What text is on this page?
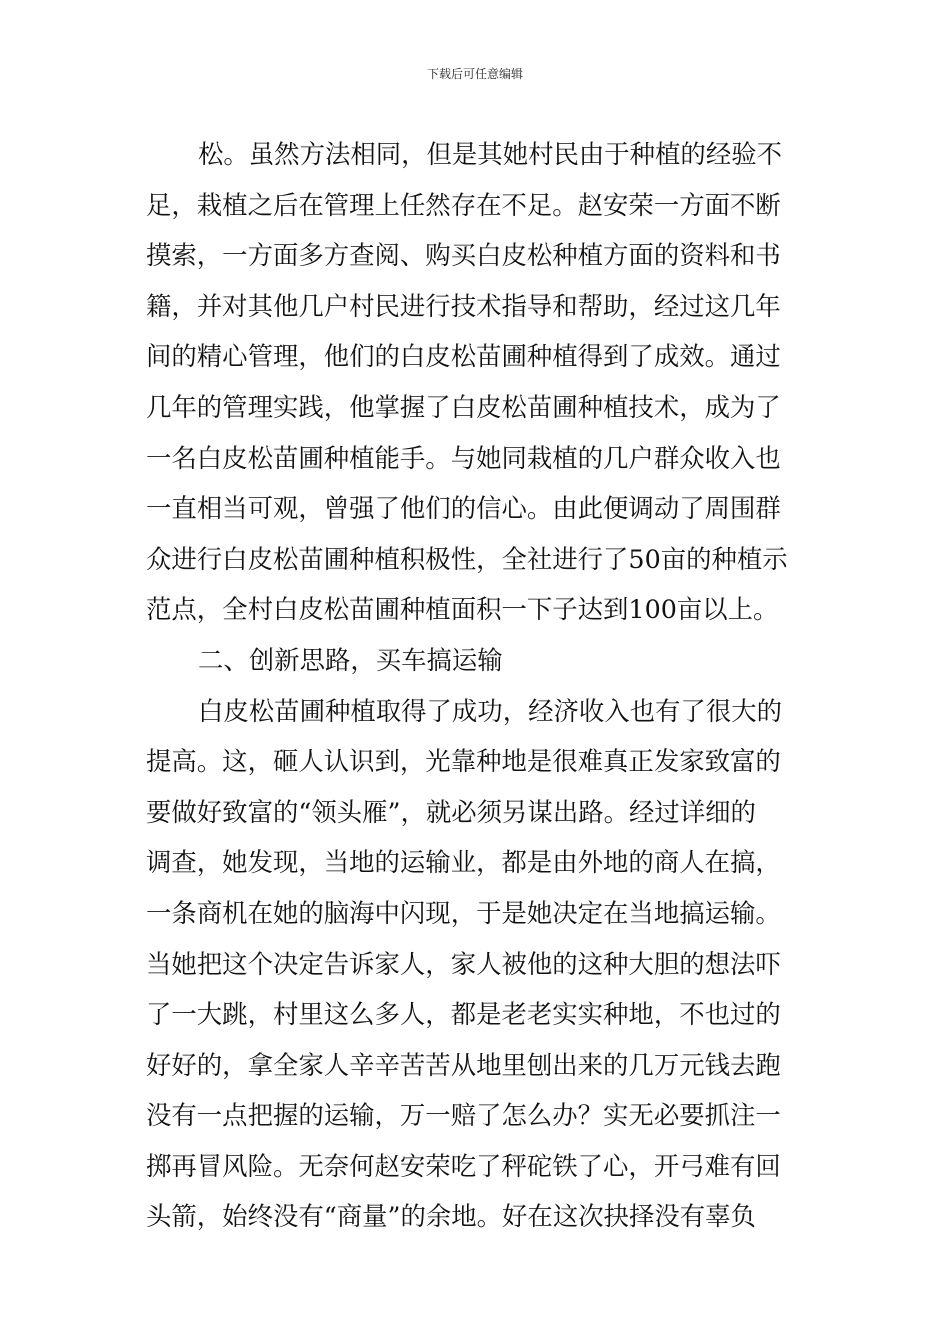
下载后可任意编辑
松。虽然方法相同，但是其她村民由于种植的经验不
足，栽植之后在管理上任然存在不足。赵安荣一方面不断
摸索，一方面多方查阅、购买白皮松种植方面的资料和书
籍，并对其他几户村民进行技术指导和帮助，经过这几年
间的精心管理，他们的白皮松苗圃种植得到了成效。通过
几年的管理实践，他掌握了白皮松苗圃种植技术，成为了
一名白皮松苗圃种植能手。与她同栽植的几户群众收入也
一直相当可观，曾强了他们的信心。由此便调动了周围群
众进行白皮松苗圃种植积极性，全社进行了50亩的种植示
范点，全村白皮松苗圃种植面积一下子达到100亩以上。
二、创新思路，买车搞运输
白皮松苗圃种植取得了成功，经济收入也有了很大的
提高。这，砸人认识到，光靠种地是很难真正发家致富的
要做好致富的“领头雁”，就必须另谋出路。经过详细的
调查，她发现，当地的运输业，都是由外地的商人在搞，
一条商机在她的脑海中闪现，于是她决定在当地搞运输。
当她把这个决定告诉家人，家人被他的这种大胆的想法吓
了一大跳，村里这么多人，都是老老实实种地，不也过的
好好的，拿全家人辛辛苦苦从地里刨出来的几万元钱去跑
没有一点把握的运输，万一赔了怎么办？实无必要抓注一
掷再冒风险。无奈何赵安荣吃了秤砣铁了心，开弓难有回
头箭，始终没有“商量”的余地。好在这次抉择没有辜负
